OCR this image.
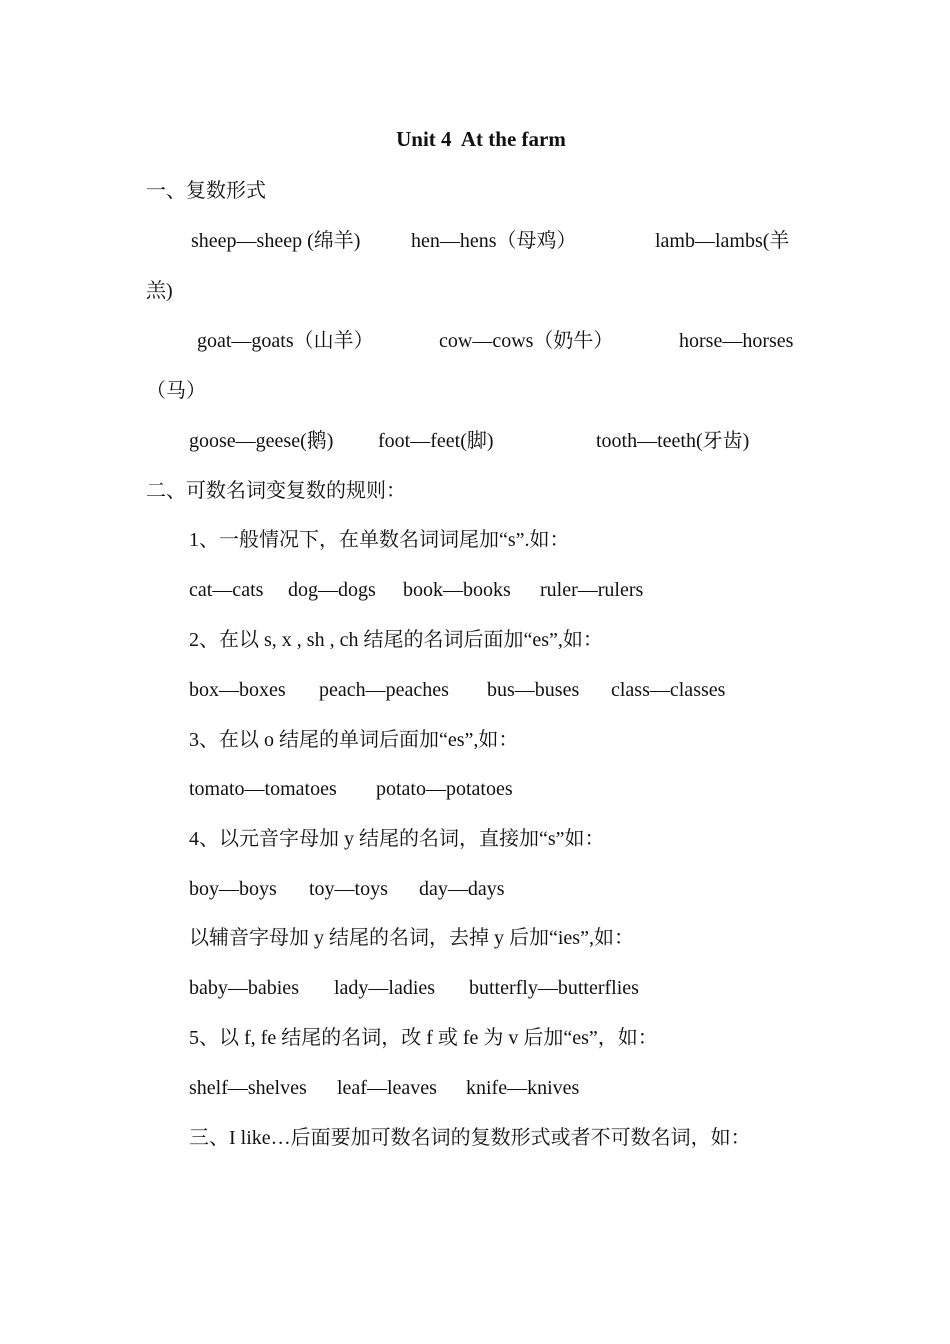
Unit 4  At the farm
一、复数形式
sheep—sheep (绵羊)	hen—hens（母鸡）	lamb—lambs(羊
羔)
goat—goats（山羊）	cow—cows（奶牛）	horse—horses
（马）
goose—geese(鹅) foot—feet(脚)	tooth—teeth(牙齿)
二、可数名词变复数的规则：
1、一般情况下，在单数名词词尾加“s”.如：
cat—cats dog—dogs book—books ruler—rulers
2、在以 s, x , sh , ch 结尾的名词后面加“es”,如：
box—boxes peach—peaches bus—buses class—classes
3、在以 o 结尾的单词后面加“es”,如：
tomato—tomatoes potato—potatoes
4、以元音字母加 y 结尾的名词，直接加“s”如：
boy—boys toy—toys day—days
以辅音字母加 y 结尾的名词，去掉 y 后加“ies”,如：
baby—babies lady—ladies butterfly—butterflies
5、以 f, fe 结尾的名词，改 f 或 fe 为 v 后加“es”，如：
shelf—shelves leaf—leaves knife—knives
三、I like…后面要加可数名词的复数形式或者不可数名词，如：
